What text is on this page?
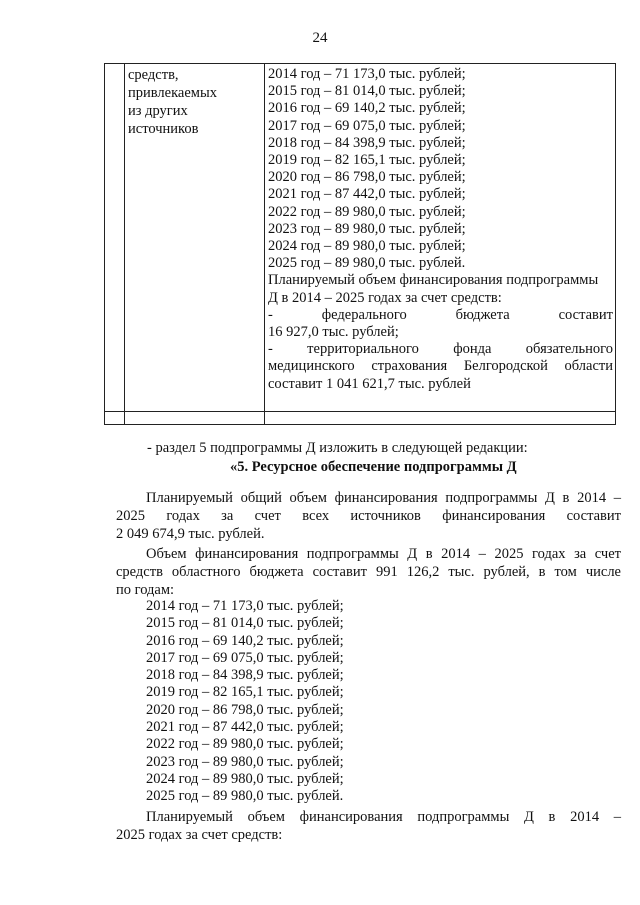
24
средств,
привлекаемых
из других
источников
2014 год – 71 173,0 тыс. рублей;
2015 год – 81 014,0 тыс. рублей;
2016 год – 69 140,2 тыс. рублей;
2017 год – 69 075,0 тыс. рублей;
2018 год – 84 398,9 тыс. рублей;
2019 год – 82 165,1 тыс. рублей;
2020 год – 86 798,0 тыс. рублей;
2021 год – 87 442,0 тыс. рублей;
2022 год – 89 980,0 тыс. рублей;
2023 год – 89 980,0 тыс. рублей;
2024 год – 89 980,0 тыс. рублей;
2025 год – 89 980,0 тыс. рублей.
Планируемый объем финансирования подпрограммы
Д в 2014 – 2025 годах за счет средств:
- федерального бюджета составит
16 927,0 тыс. рублей;
- территориального фонда обязательного
медицинского страхования Белгородской области
составит 1 041 621,7 тыс. рублей
- раздел 5 подпрограммы Д изложить в следующей редакции:
«5. Ресурсное обеспечение подпрограммы Д
Планируемый общий объем финансирования подпрограммы Д в 2014 –
2025 годах за счет всех источников финансирования составит
2 049 674,9 тыс. рублей.
Объем финансирования подпрограммы Д в 2014 – 2025 годах за счет
средств областного бюджета составит 991 126,2 тыс. рублей, в том числе
по годам:
2014 год – 71 173,0 тыс. рублей;
2015 год – 81 014,0 тыс. рублей;
2016 год – 69 140,2 тыс. рублей;
2017 год – 69 075,0 тыс. рублей;
2018 год – 84 398,9 тыс. рублей;
2019 год – 82 165,1 тыс. рублей;
2020 год – 86 798,0 тыс. рублей;
2021 год – 87 442,0 тыс. рублей;
2022 год – 89 980,0 тыс. рублей;
2023 год – 89 980,0 тыс. рублей;
2024 год – 89 980,0 тыс. рублей;
2025 год – 89 980,0 тыс. рублей.
Планируемый объем финансирования подпрограммы Д в 2014 –
2025 годах за счет средств:
